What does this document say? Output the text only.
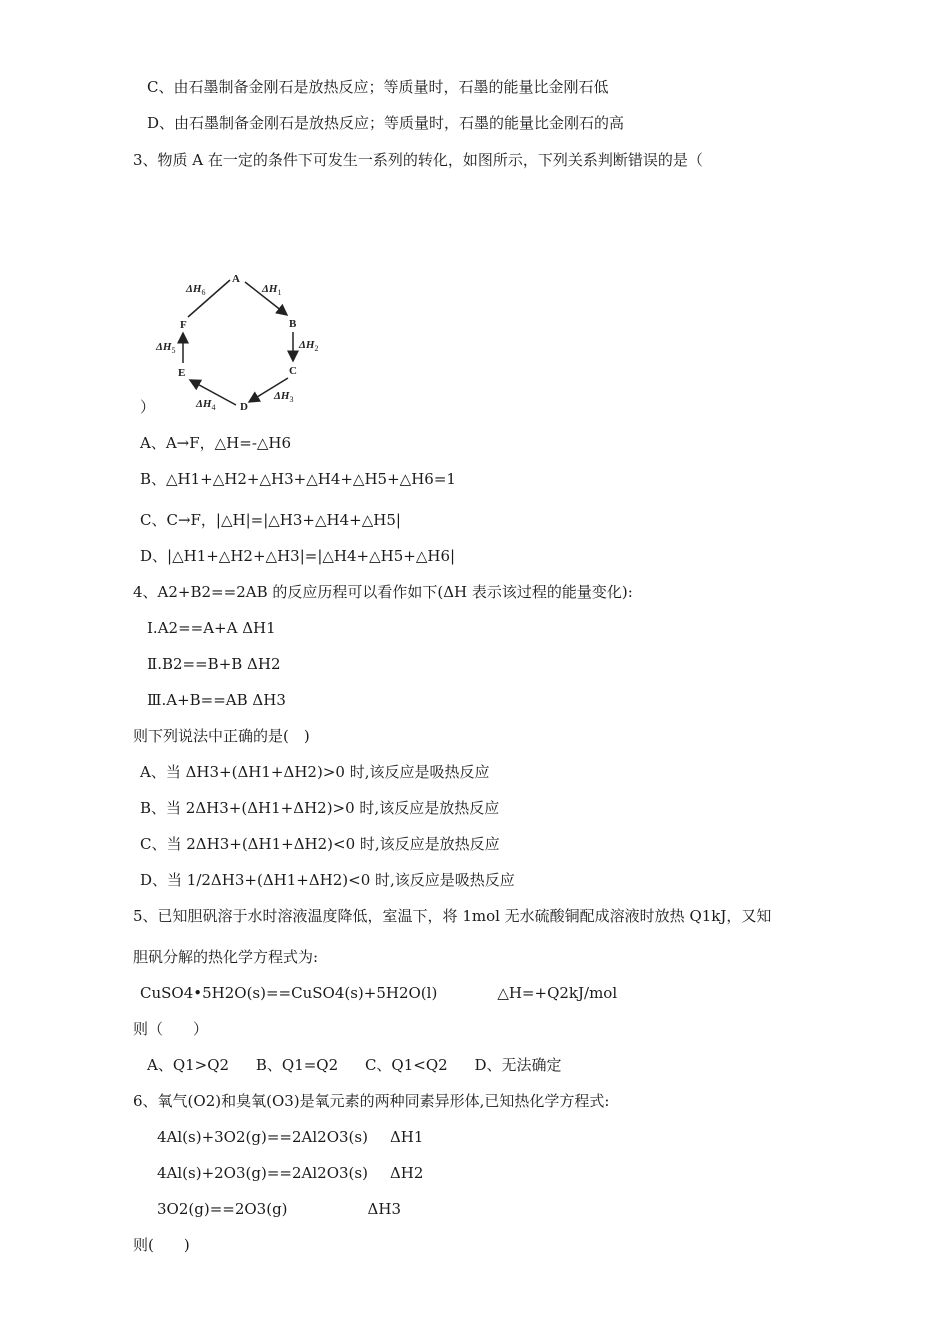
C、由石墨制备金刚石是放热反应；等质量时，石墨的能量比金刚石低
D、由石墨制备金刚石是放热反应；等质量时，石墨的能量比金刚石的高
3、物质 A 在一定的条件下可发生一系列的转化，如图所示，下列关系判断错误的是（
A
B
C
D
E
F
ΔH6	ΔH1
ΔH2
ΔH3
ΔH4
ΔH5
）
A、A→F，△H=-△H6
B、△H1+△H2+△H3+△H4+△H5+△H6=1
C、C→F，|△H|=|△H3+△H4+△H5|
D、|△H1+△H2+△H3|=|△H4+△H5+△H6|
4、A2+B2==2AB 的反应历程可以看作如下(ΔH 表示该过程的能量变化):
Ⅰ.A2==A+A ΔH1
Ⅱ.B2==B+B ΔH2
Ⅲ.A+B==AB ΔH3
则下列说法中正确的是(　)
A、当 ΔH3+(ΔH1+ΔH2)>0 时,该反应是吸热反应
B、当 2ΔH3+(ΔH1+ΔH2)>0 时,该反应是放热反应
C、当 2ΔH3+(ΔH1+ΔH2)<0 时,该反应是放热反应
D、当 1/2ΔH3+(ΔH1+ΔH2)<0 时,该反应是吸热反应
5、已知胆矾溶于水时溶液温度降低，室温下，将 1mol 无水硫酸铜配成溶液时放热 Q1kJ，又知
胆矾分解的热化学方程式为:
CuSO4•5H2O(s)==CuSO4(s)+5H2O(l)	△H=+Q2kJ/mol
则（　　）
A、Q1>Q2 B、Q1=Q2 C、Q1<Q2 D、无法确定
6、氧气(O2)和臭氧(O3)是氧元素的两种同素异形体,已知热化学方程式:
4Al(s)+3O2(g)==2Al2O3(s) ΔH1
4Al(s)+2O3(g)==2Al2O3(s) ΔH2
3O2(g)==2O3(g)	ΔH3
则(　　)
